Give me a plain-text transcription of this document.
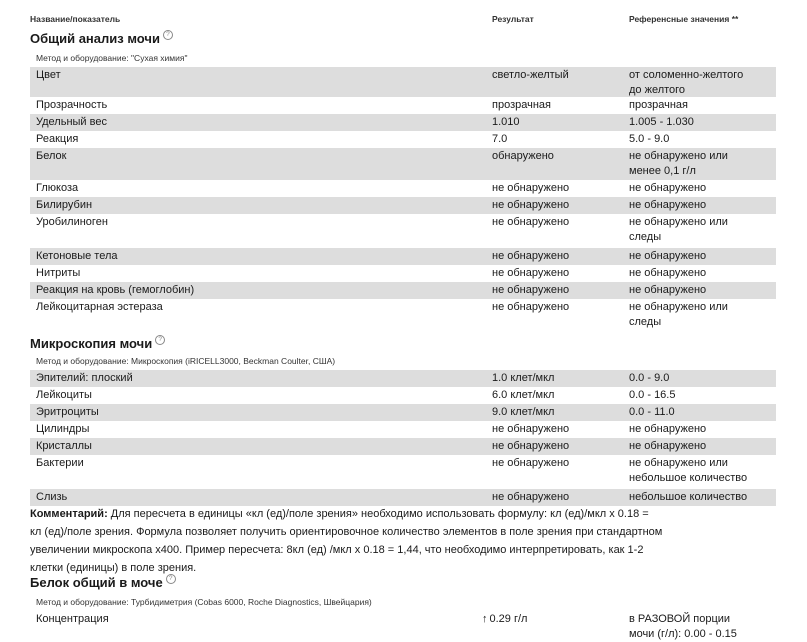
Название/показатель	Результат	Референсные значения **
Общий анализ мочи ?
Метод и оборудование: "Сухая химия"
Цвет	светло-желтый	от соломенно-желтого
до желтого
Прозрачность	прозрачная	прозрачная
Удельный вес	1.010	1.005 - 1.030
Реакция	7.0	5.0 - 9.0
Белок	обнаружено	не обнаружено или
менее 0,1 г/л
Глюкоза	не обнаружено	не обнаружено
Билирубин	не обнаружено	не обнаружено
Уробилиноген	не обнаружено	не обнаружено или
следы
Кетоновые тела	не обнаружено	не обнаружено
Нитриты	не обнаружено	не обнаружено
Реакция на кровь (гемоглобин)	не обнаружено	не обнаружено
Лейкоцитарная эстераза	не обнаружено	не обнаружено или
следы
Микроскопия мочи ?
Метод и оборудование: Микроскопия (iRICELL3000, Beckman Coulter, США)
Эпителий: плоский	1.0 клет/мкл	0.0 - 9.0
Лейкоциты	6.0 клет/мкл	0.0 - 16.5
Эритроциты	9.0 клет/мкл	0.0 - 11.0
Цилиндры	не обнаружено	не обнаружено
Кристаллы	не обнаружено	не обнаружено
Бактерии	не обнаружено	не обнаружено или
небольшое количество
Слизь	не обнаружено	небольшое количество
Комментарий: Для пересчета в единицы «кл (ед)/поле зрения» необходимо использовать формулу: кл (ед)/мкл x 0.18 =
кл (ед)/поле зрения. Формула позволяет получить ориентировочное количество элементов в поле зрения при стандартном
увеличении микроскопа x400. Пример пересчета: 8кл (ед) /мкл x 0.18 = 1,44, что необходимо интерпретировать, как 1-2
клетки (единицы) в поле зрения.
Белок общий в моче ?
Метод и оборудование: Турбидиметрия (Cobas 6000, Roche Diagnostics, Швейцария)
Концентрация	↑ 0.29 г/л	в РАЗОВОЙ порции
мочи (г/л): 0.00 - 0.15
